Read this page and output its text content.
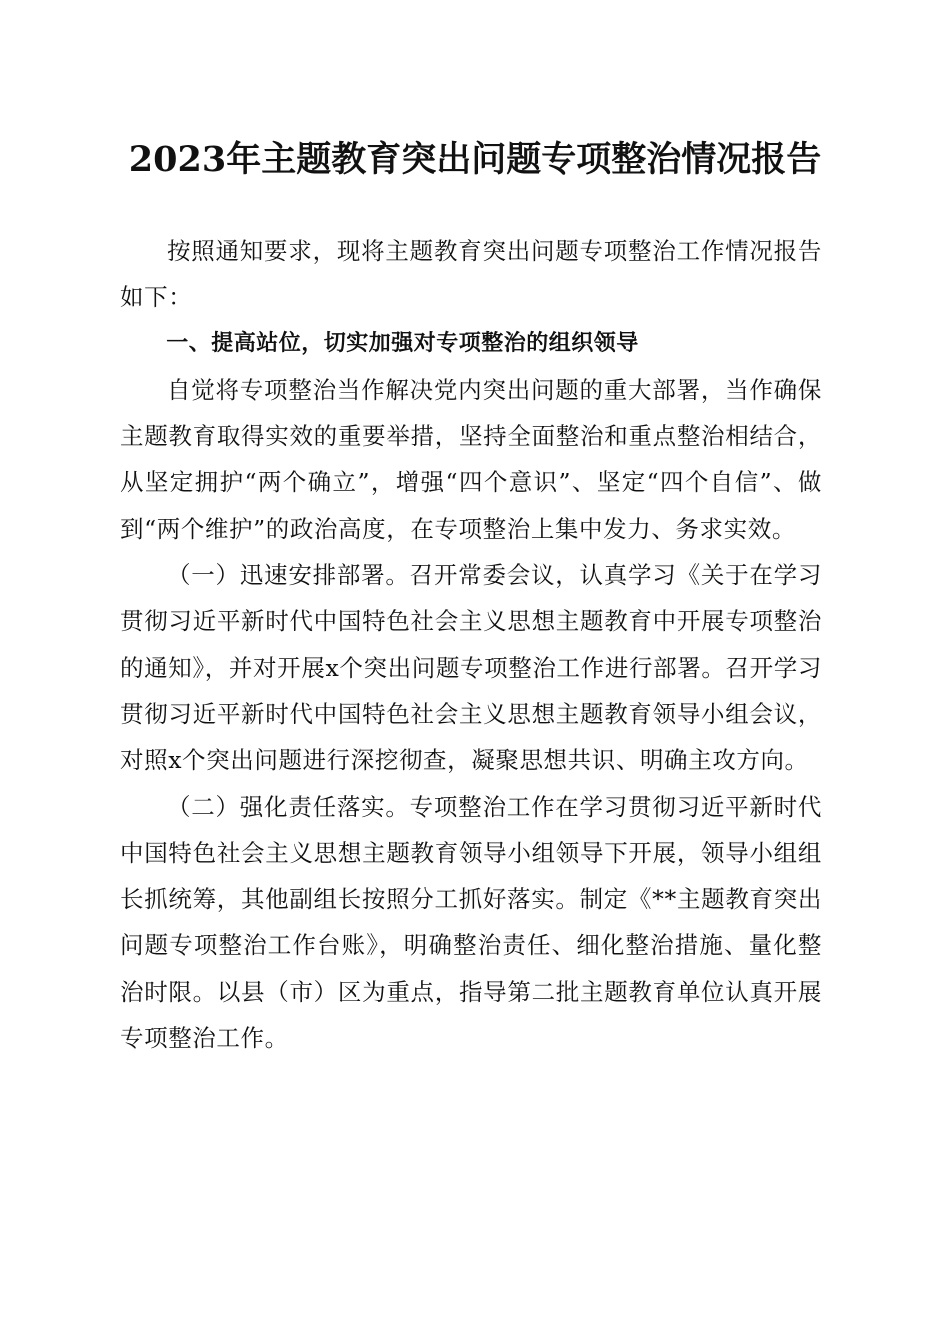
2023年主题教育突出问题专项整治情况报告

按照通知要求，现将主题教育突出问题专项整治工作情况报告如下：

一、提高站位，切实加强对专项整治的组织领导

自觉将专项整治当作解决党内突出问题的重大部署，当作确保主题教育取得实效的重要举措，坚持全面整治和重点整治相结合，从坚定拥护“两个确立”，增强“四个意识”、坚定“四个自信”、做到“两个维护”的政治高度，在专项整治上集中发力、务求实效。

（一）迅速安排部署。召开常委会议，认真学习《关于在学习贯彻习近平新时代中国特色社会主义思想主题教育中开展专项整治的通知》，并对开展x个突出问题专项整治工作进行部署。召开学习贯彻习近平新时代中国特色社会主义思想主题教育领导小组会议，对照x个突出问题进行深挖彻查，凝聚思想共识、明确主攻方向。

（二）强化责任落实。专项整治工作在学习贯彻习近平新时代中国特色社会主义思想主题教育领导小组领导下开展，领导小组组长抓统筹，其他副组长按照分工抓好落实。制定《**主题教育突出问题专项整治工作台账》，明确整治责任、细化整治措施、量化整治时限。以县（市）区为重点，指导第二批主题教育单位认真开展专项整治工作。
